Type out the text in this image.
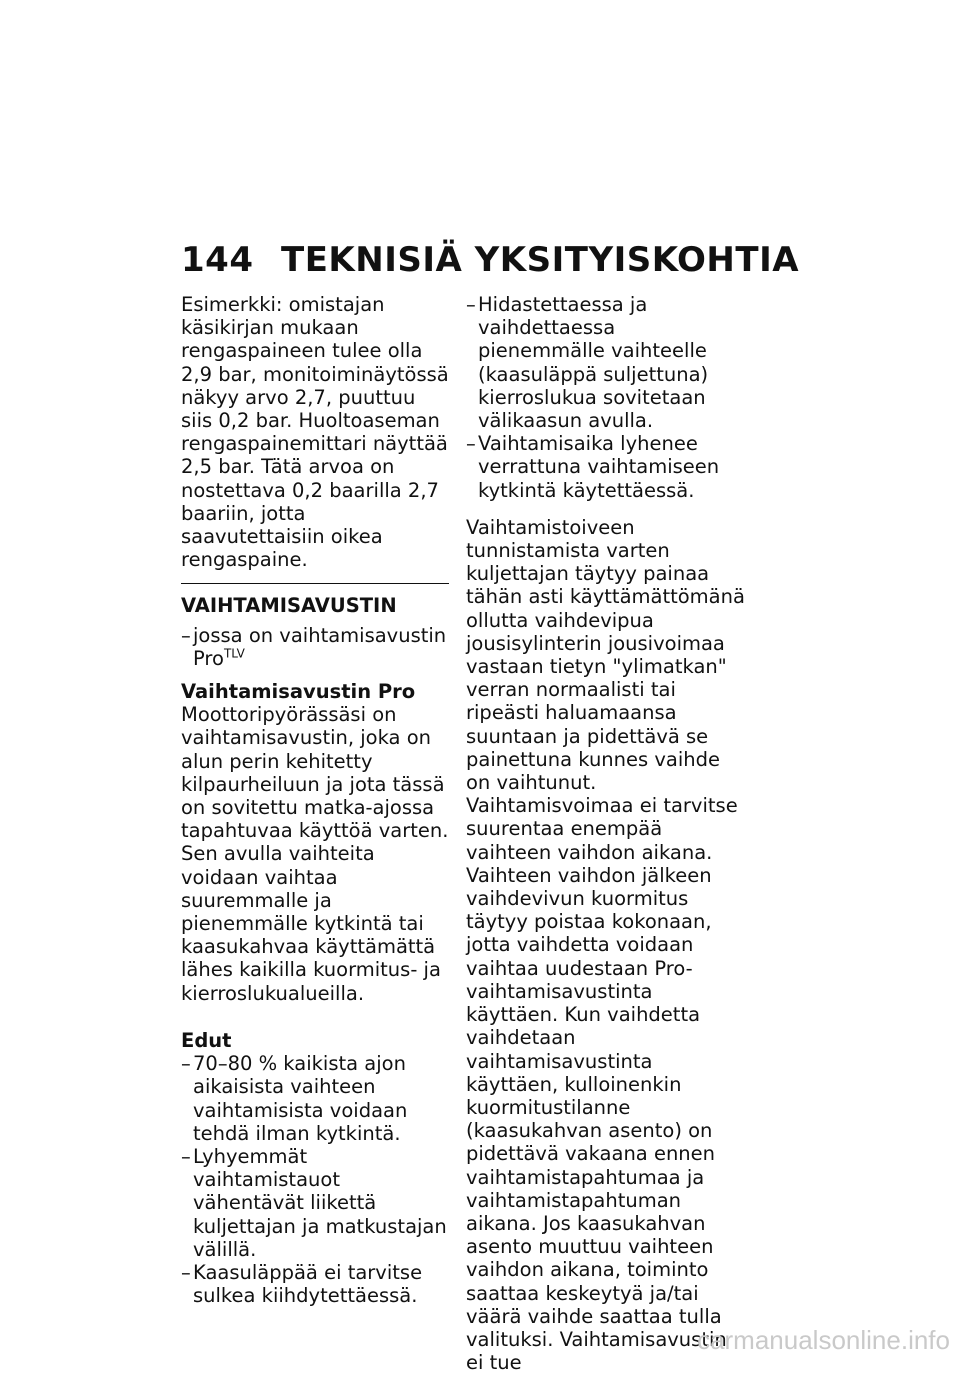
144 TEKNISIÄ YKSITYISKOHTIA

Esimerkki: omistajan käsikirjan mukaan rengaspaineen tulee olla 2,9 bar, monitoiminäytössä näkyy arvo 2,7, puuttuu siis 0,2 bar. Huoltoaseman rengaspainemittari näyttää 2,5 bar. Tätä arvoa on nostettava 0,2 baarilla 2,7 baariin, jotta saavutettaisiin oikea rengaspaine.

VAIHTAMISAVUSTIN

– jossa on vaihtamisavustin Pro$^{TLV}$

Vaihtamisavustin Pro

Moottoripyörässäsi on vaihtamisavustin, joka on alun perin kehitetty kilpaurheiluun ja jota tässä on sovitettu matka-ajossa tapahtuvaa käyttöä varten. Sen avulla vaihteita voidaan vaihtaa suuremmalle ja pienemmälle kytkintä tai kaasukahvaa käyttämättä lähes kaikilla kuormitus- ja kierroslukualueilla.

Edut

– 70–80 % kaikista ajon aikaisista vaihteen vaihtamisista voidaan tehdä ilman kytkintä.
– Lyhyemmät vaihtamistauot vähentävät liikettä kuljettajan ja matkustajan välillä.
– Kaasuläppää ei tarvitse sulkea kiihdytettäessä.
– Hidastettaessa ja vaihdettaessa pienemmälle vaihteelle (kaasuläppä suljettuna) kierroslukua sovitetaan välikaasun avulla.
– Vaihtamisaika lyhenee verrattuna vaihtamiseen kytkintä käytettäessä.

Vaihtamistoiveen tunnistamista varten kuljettajan täytyy painaa tähän asti käyttämättömänä ollutta vaihdevipua jousisylinterin jousivoimaa vastaan tietyn "ylimatkan" verran normaalisti tai ripeästi haluamaansa suuntaan ja pidettävä se painettuna kunnes vaihde on vaihtunut. Vaihtamisvoimaa ei tarvitse suurentaa enempää vaihteen vaihdon aikana. Vaihteen vaihdon jälkeen vaihdevivun kuormitus täytyy poistaa kokonaan, jotta vaihdetta voidaan vaihtaa uudestaan Pro-vaihtamisavustinta käyttäen. Kun vaihdetta vaihdetaan vaihtamisavustinta käyttäen, kulloinenkin kuormitustilanne (kaasukahvan asento) on pidettävä vakaana ennen vaihtamistapahtumaa ja vaihtamistapahtuman aikana. Jos kaasukahvan asento muuttuu vaihteen vaihdon aikana, toiminto saattaa keskeytyä ja/tai väärä vaihde saattaa tulla valituksi. Vaihtamisavustin ei tue

carmanualsonline.info
